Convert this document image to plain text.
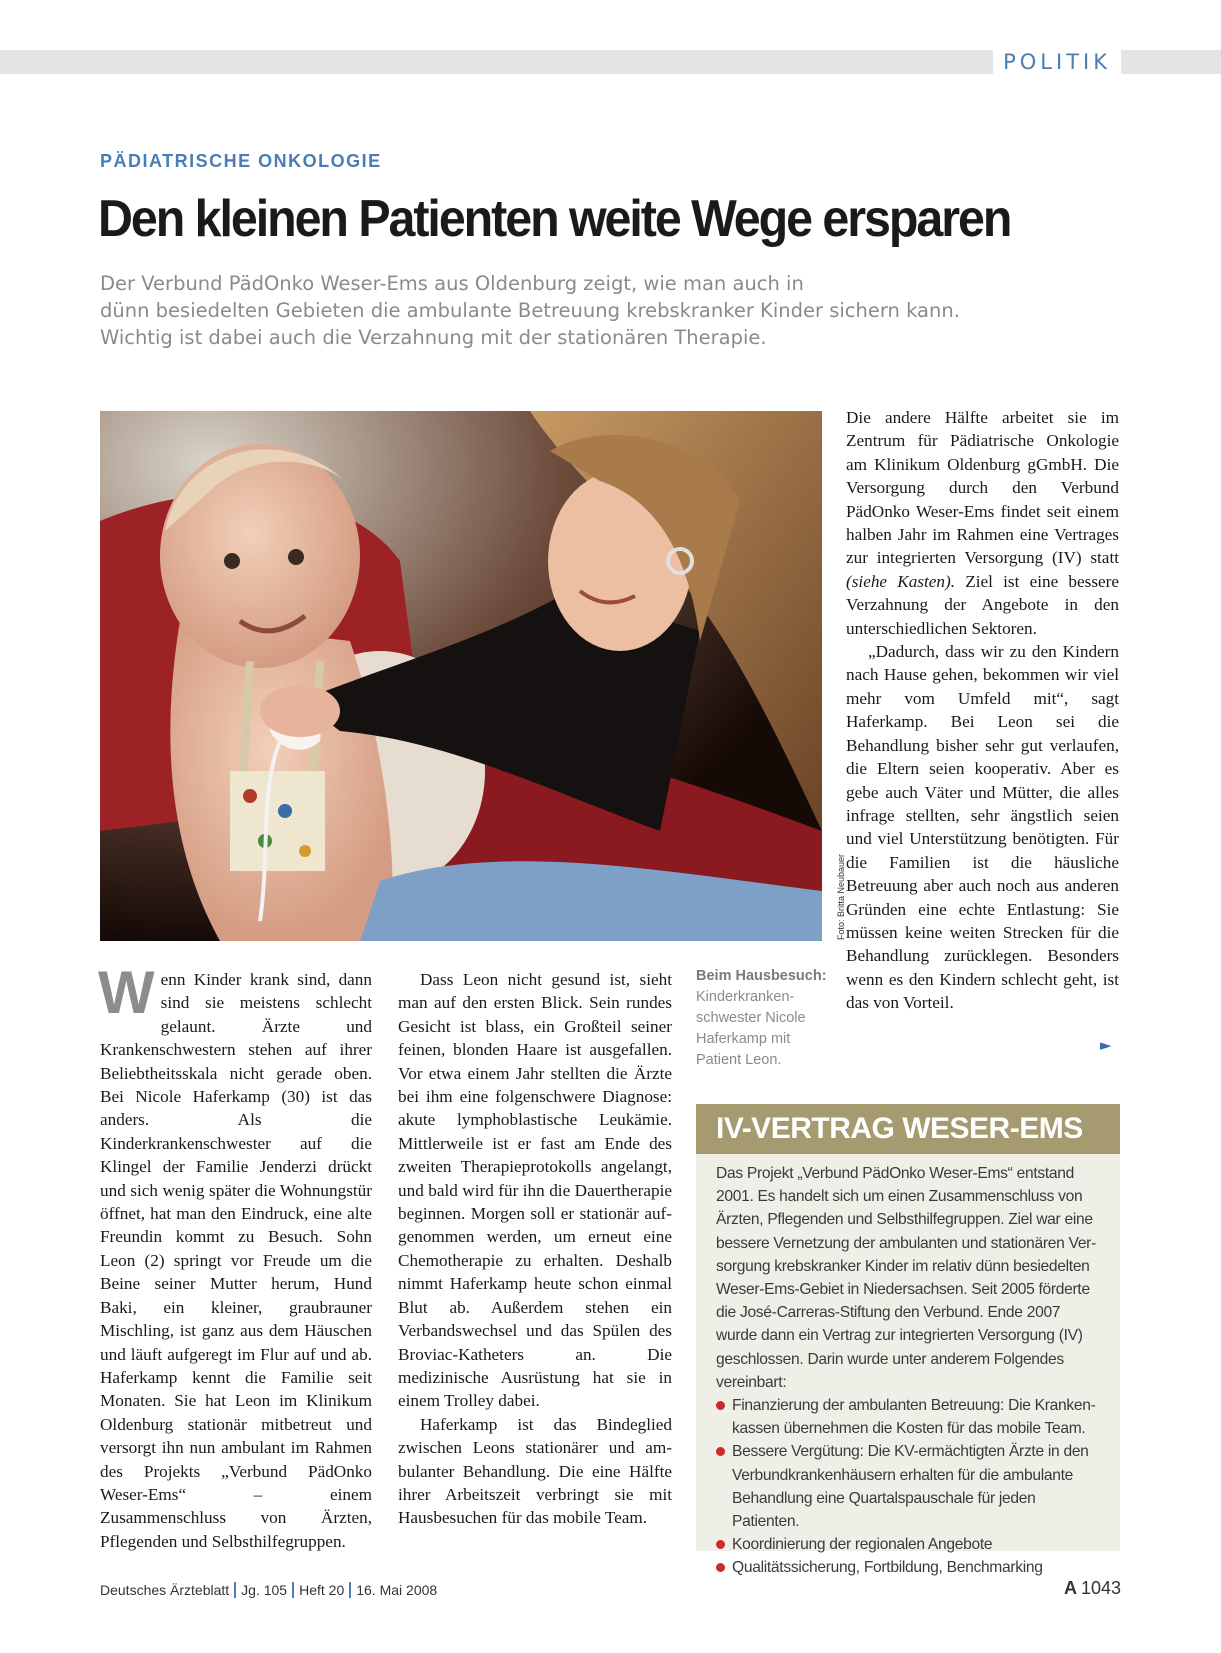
POLITIK
PÄDIATRISCHE ONKOLOGIE
Den kleinen Patienten weite Wege ersparen
Der Verbund PädOnko Weser-Ems aus Oldenburg zeigt, wie man auch in
dünn besiedelten Gebieten die ambulante Betreuung krebskranker Kinder sichern kann.
Wichtig ist dabei auch die Verzahnung mit der stationären Therapie.
Foto: Britta Neubauer

Wenn Kinder krank sind, dann sind sie meistens schlecht gelaunt. Ärzte und Krankenschwestern stehen auf ihrer Beliebtheitsskala nicht gerade oben. Bei Nicole Haferkamp (30) ist das anders. Als die Kinderkrankenschwester auf die Klingel der Familie Jenderzi drückt und sich wenig später die Wohnungstür öffnet, hat man den Eindruck, eine alte Freundin kommt zu Besuch. Sohn Leon (2) springt vor Freude um die Beine seiner Mutter herum, Hund Baki, ein kleiner, graubrauner Mischling, ist ganz aus dem Häuschen und läuft aufgeregt im Flur auf und ab. Haferkamp kennt die Familie seit Monaten. Sie hat Leon im Klinikum Oldenburg stationär mitbetreut und versorgt ihn nun ambulant im Rahmen des Projekts „Verbund PädOnko Weser-Ems“ – einem Zusammenschluss von Ärzten, Pflegenden und Selbsthilfegruppen.

Dass Leon nicht gesund ist, sieht man auf den ersten Blick. Sein rundes Gesicht ist blass, ein Großteil seiner feinen, blonden Haare ist ausgefallen. Vor etwa einem Jahr stellten die Ärzte bei ihm eine folgenschwere Diagnose: akute lymphoblastische Leukämie. Mittlerweile ist er fast am Ende des zweiten Therapieprotokolls angelangt, und bald wird für ihn die Dauertherapie beginnen. Morgen soll er stationär aufgenommen werden, um erneut eine Chemotherapie zu erhalten. Deshalb nimmt Haferkamp heute schon einmal Blut ab. Außerdem stehen ein Verbandswechsel und das Spülen des Broviac-Katheters an. Die medizinische Ausrüstung hat sie in einem Trolley dabei.

Haferkamp ist das Bindeglied zwischen Leons stationärer und ambulanter Behandlung. Die eine Hälfte ihrer Arbeitszeit verbringt sie mit Hausbesuchen für das mobile Team.

Beim Hausbesuch:
Kinderkranken-schwester Nicole Haferkamp mit Patient Leon.

Die andere Hälfte arbeitet sie im Zentrum für Pädiatrische Onkologie am Klinikum Oldenburg gGmbH. Die Versorgung durch den Verbund PädOnko Weser-Ems findet seit einem halben Jahr im Rahmen eine Vertrages zur integrierten Versorgung (IV) statt (siehe Kasten). Ziel ist eine bessere Verzahnung der Angebote in den unterschiedlichen Sektoren.

„Dadurch, dass wir zu den Kindern nach Hause gehen, bekommen wir viel mehr vom Umfeld mit“, sagt Haferkamp. Bei Leon sei die Behandlung bisher sehr gut verlaufen, die Eltern seien kooperativ. Aber es gebe auch Väter und Mütter, die alles infrage stellten, sehr ängstlich seien und viel Unterstützung benötigten. Für die Familien ist die häusliche Betreuung aber auch noch aus anderen Gründen eine echte Entlastung: Sie müssen keine weiten Strecken für die Behandlung zurücklegen. Besonders wenn es den Kindern schlecht geht, ist das von Vorteil.

►
IV-VERTRAG WESER-EMS

Das Projekt „Verbund PädOnko Weser-Ems“ entstand 2001. Es handelt sich um einen Zusammenschluss von Ärzten, Pflegenden und Selbsthilfegruppen. Ziel war eine bessere Vernetzung der ambulanten und stationären Versorgung krebskranker Kinder im relativ dünn besiedelten Weser-Ems-Gebiet in Niedersachsen. Seit 2005 förderte die José-Carreras-Stiftung den Verbund. Ende 2007 wurde dann ein Vertrag zur integrierten Versorgung (IV) geschlossen. Darin wurde unter anderem Folgendes vereinbart:

Finanzierung der ambulanten Betreuung: Die Krankenkassen übernehmen die Kosten für das mobile Team.
Bessere Vergütung: Die KV-ermächtigten Ärzte in den Verbundkrankenhäusern erhalten für die ambulante Behandlung eine Quartalspauschale für jeden Patienten.
Koordinierung der regionalen Angebote
Qualitätssicherung, Fortbildung, Benchmarking
Deutsches Ärzteblatt Jg. 105 Heft 20 16. Mai 2008	A 1043
